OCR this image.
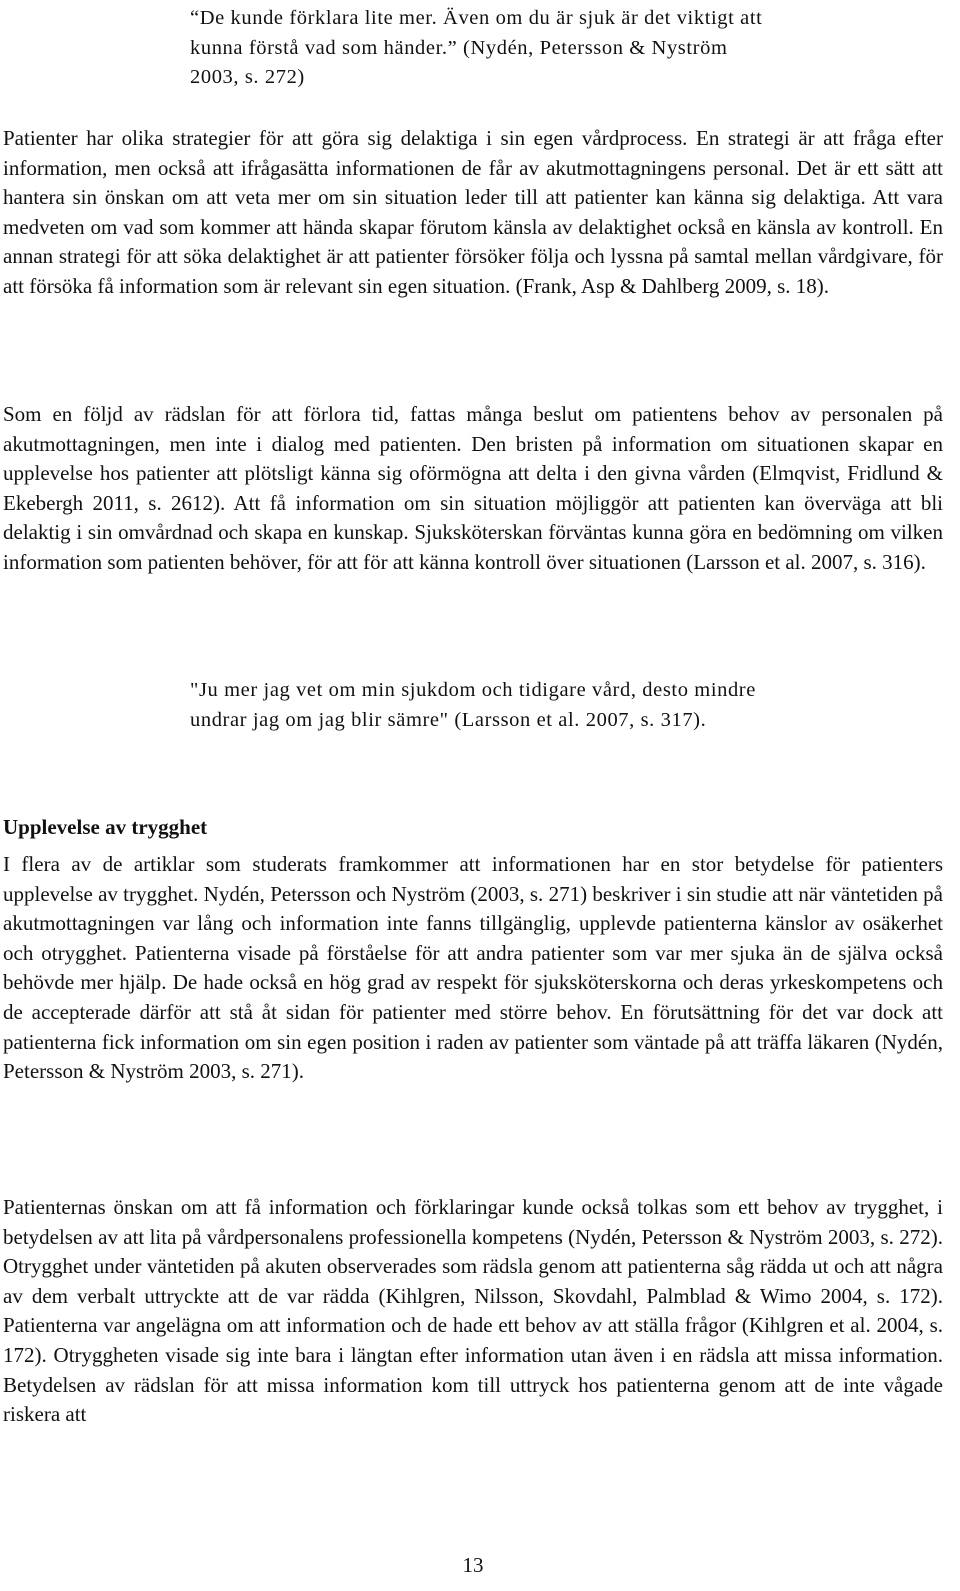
“De kunde förklara lite mer. Även om du är sjuk är det viktigt att kunna förstå vad som händer.” (Nydén, Petersson & Nyström 2003, s. 272)
Patienter har olika strategier för att göra sig delaktiga i sin egen vårdprocess. En strategi är att fråga efter information, men också att ifrågasätta informationen de får av akutmottagningens personal. Det är ett sätt att hantera sin önskan om att veta mer om sin situation leder till att patienter kan känna sig delaktiga. Att vara medveten om vad som kommer att hända skapar förutom känsla av delaktighet också en känsla av kontroll. En annan strategi för att söka delaktighet är att patienter försöker följa och lyssna på samtal mellan vårdgivare, för att försöka få information som är relevant sin egen situation. (Frank, Asp & Dahlberg 2009, s. 18).
Som en följd av rädslan för att förlora tid, fattas många beslut om patientens behov av personalen på akutmottagningen, men inte i dialog med patienten. Den bristen på information om situationen skapar en upplevelse hos patienter att plötsligt känna sig oförmögna att delta i den givna vården (Elmqvist, Fridlund & Ekebergh 2011, s. 2612). Att få information om sin situation möjliggör att patienten kan överväga att bli delaktig i sin omvårdnad och skapa en kunskap. Sjuksköterskan förväntas kunna göra en bedömning om vilken information som patienten behöver, för att för att känna kontroll över situationen (Larsson et al. 2007, s. 316).
"Ju mer jag vet om min sjukdom och tidigare vård, desto mindre undrar jag om jag blir sämre" (Larsson et al. 2007, s. 317).
Upplevelse av trygghet
I flera av de artiklar som studerats framkommer att informationen har en stor betydelse för patienters upplevelse av trygghet. Nydén, Petersson och Nyström (2003, s. 271) beskriver i sin studie att när väntetiden på akutmottagningen var lång och information inte fanns tillgänglig, upplevde patienterna känslor av osäkerhet och otrygghet. Patienterna visade på förståelse för att andra patienter som var mer sjuka än de själva också behövde mer hjälp. De hade också en hög grad av respekt för sjuksköterskorna och deras yrkeskompetens och de accepterade därför att stå åt sidan för patienter med större behov. En förutsättning för det var dock att patienterna fick information om sin egen position i raden av patienter som väntade på att träffa läkaren (Nydén, Petersson & Nyström 2003, s. 271).
Patienternas önskan om att få information och förklaringar kunde också tolkas som ett behov av trygghet, i betydelsen av att lita på vårdpersonalens professionella kompetens (Nydén, Petersson & Nyström 2003, s. 272). Otrygghet under väntetiden på akuten observerades som rädsla genom att patienterna såg rädda ut och att några av dem verbalt uttryckte att de var rädda (Kihlgren, Nilsson, Skovdahl, Palmblad & Wimo 2004, s. 172). Patienterna var angelägna om att information och de hade ett behov av att ställa frågor (Kihlgren et al. 2004, s. 172). Otryggheten visade sig inte bara i längtan efter information utan även i en rädsla att missa information. Betydelsen av rädslan för att missa information kom till uttryck hos patienterna genom att de inte vågade riskera att
13
